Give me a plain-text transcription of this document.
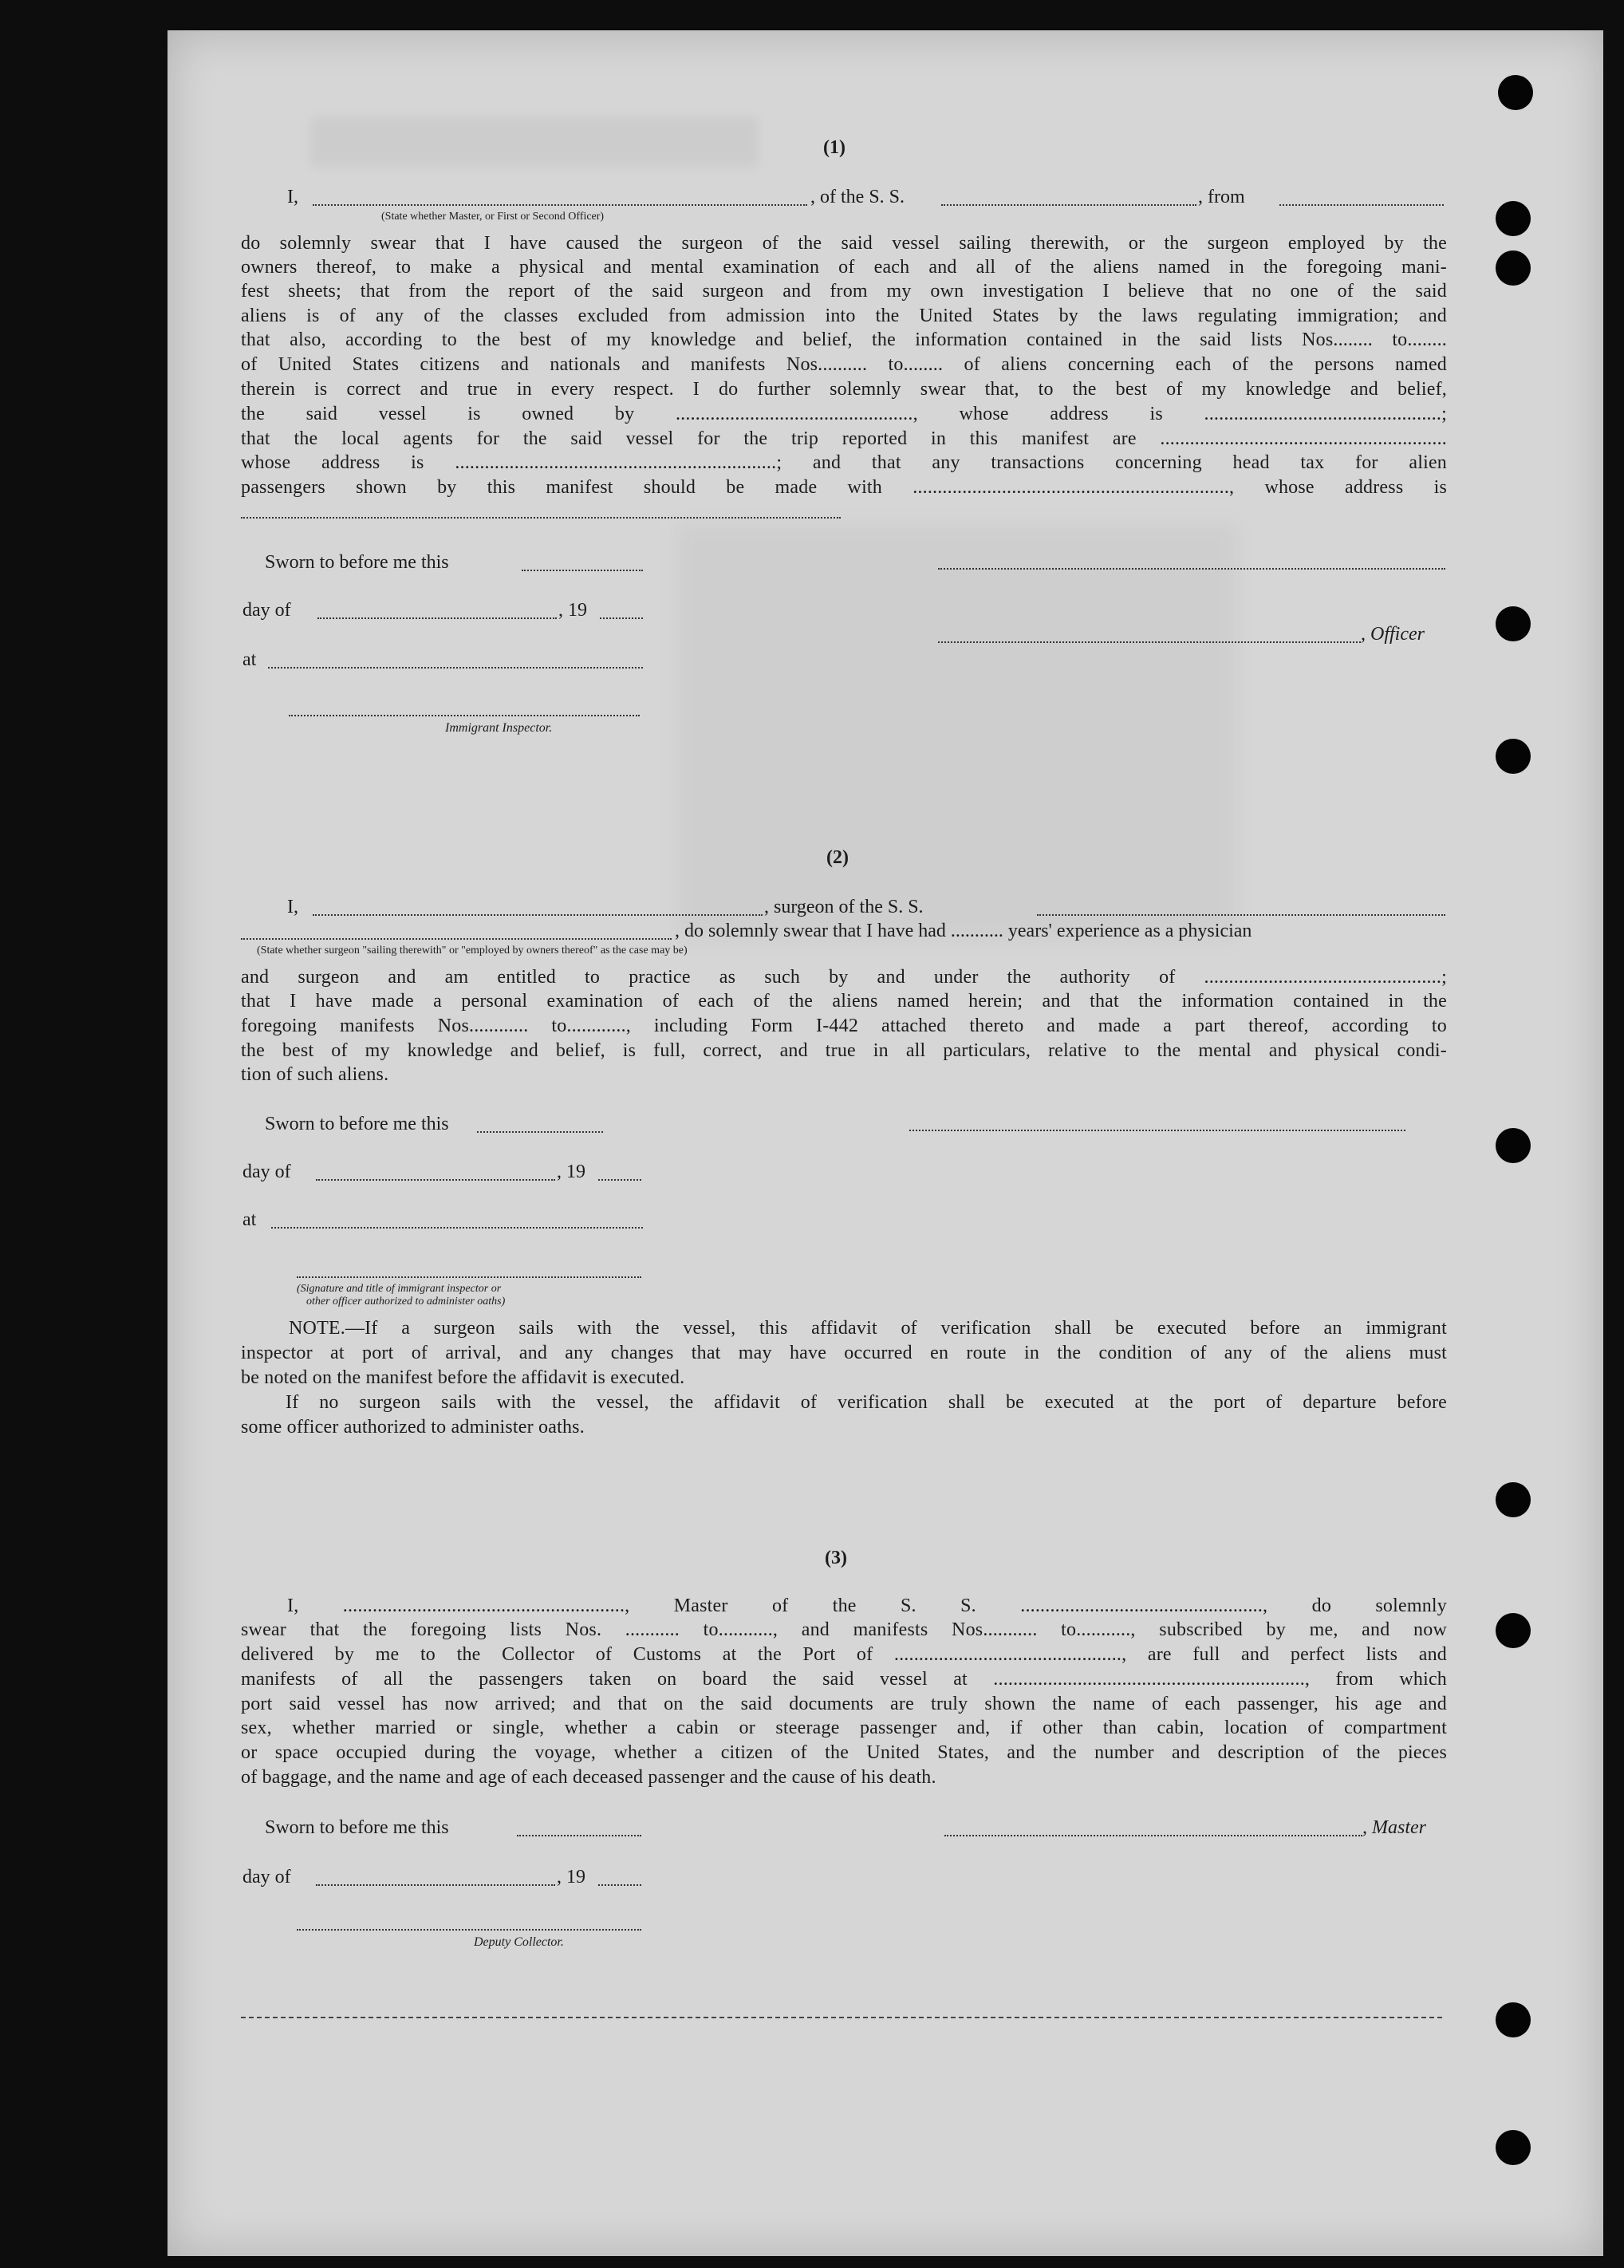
(1)
I,	, of the S. S.	, from
(State whether Master, or First or Second Officer)
do solemnly swear that I have caused the surgeon of the said vessel sailing therewith, or the surgeon employed by the
owners thereof, to make a physical and mental examination of each and all of the aliens named in the foregoing mani-
fest sheets; that from the report of the said surgeon and from my own investigation I believe that no one of the said
aliens is of any of the classes excluded from admission into the United States by the laws regulating immigration; and
that also, according to the best of my knowledge and belief, the information contained in the said lists Nos........ to........
of United States citizens and nationals and manifests Nos.......... to........ of aliens concerning each of the persons named
therein is correct and true in every respect. I do further solemnly swear that, to the best of my knowledge and belief,
the said vessel is owned by ................................................, whose address is ................................................;
that the local agents for the said vessel for the trip reported in this manifest are ..........................................................
whose address is .................................................................; and that any transactions concerning head tax for alien
passengers shown by this manifest should be made with ................................................................, whose address is
Sworn to before me this
day of	, 19
, Officer
at
Immigrant Inspector.
(2)
I,	, surgeon of the S. S.
, do solemnly swear that I have had ........... years' experience as a physician
(State whether surgeon "sailing therewith" or "employed by owners thereof" as the case may be)
and surgeon and am entitled to practice as such by and under the authority of ................................................;
that I have made a personal examination of each of the aliens named herein; and that the information contained in the
foregoing manifests Nos............ to............, including Form I-442 attached thereto and made a part thereof, according to
the best of my knowledge and belief, is full, correct, and true in all particulars, relative to the mental and physical condi-
tion of such aliens.
Sworn to before me this
day of	, 19
at
(Signature and title of immigrant inspector or
other officer authorized to administer oaths)
NOTE.—If a surgeon sails with the vessel, this affidavit of verification shall be executed before an immigrant
inspector at port of arrival, and any changes that may have occurred en route in the condition of any of the aliens must
be noted on the manifest before the affidavit is executed.
If no surgeon sails with the vessel, the affidavit of verification shall be executed at the port of departure before
some officer authorized to administer oaths.
(3)
I, ........................................................., Master of the S. S. ................................................., do solemnly
swear that the foregoing lists Nos. ........... to..........., and manifests Nos........... to..........., subscribed by me, and now
delivered by me to the Collector of Customs at the Port of .............................................., are full and perfect lists and
manifests of all the passengers taken on board the said vessel at ..............................................................., from which
port said vessel has now arrived; and that on the said documents are truly shown the name of each passenger, his age and
sex, whether married or single, whether a cabin or steerage passenger and, if other than cabin, location of compartment
or space occupied during the voyage, whether a citizen of the United States, and the number and description of the pieces
of baggage, and the name and age of each deceased passenger and the cause of his death.
Sworn to before me this	, Master
day of	, 19
Deputy Collector.
